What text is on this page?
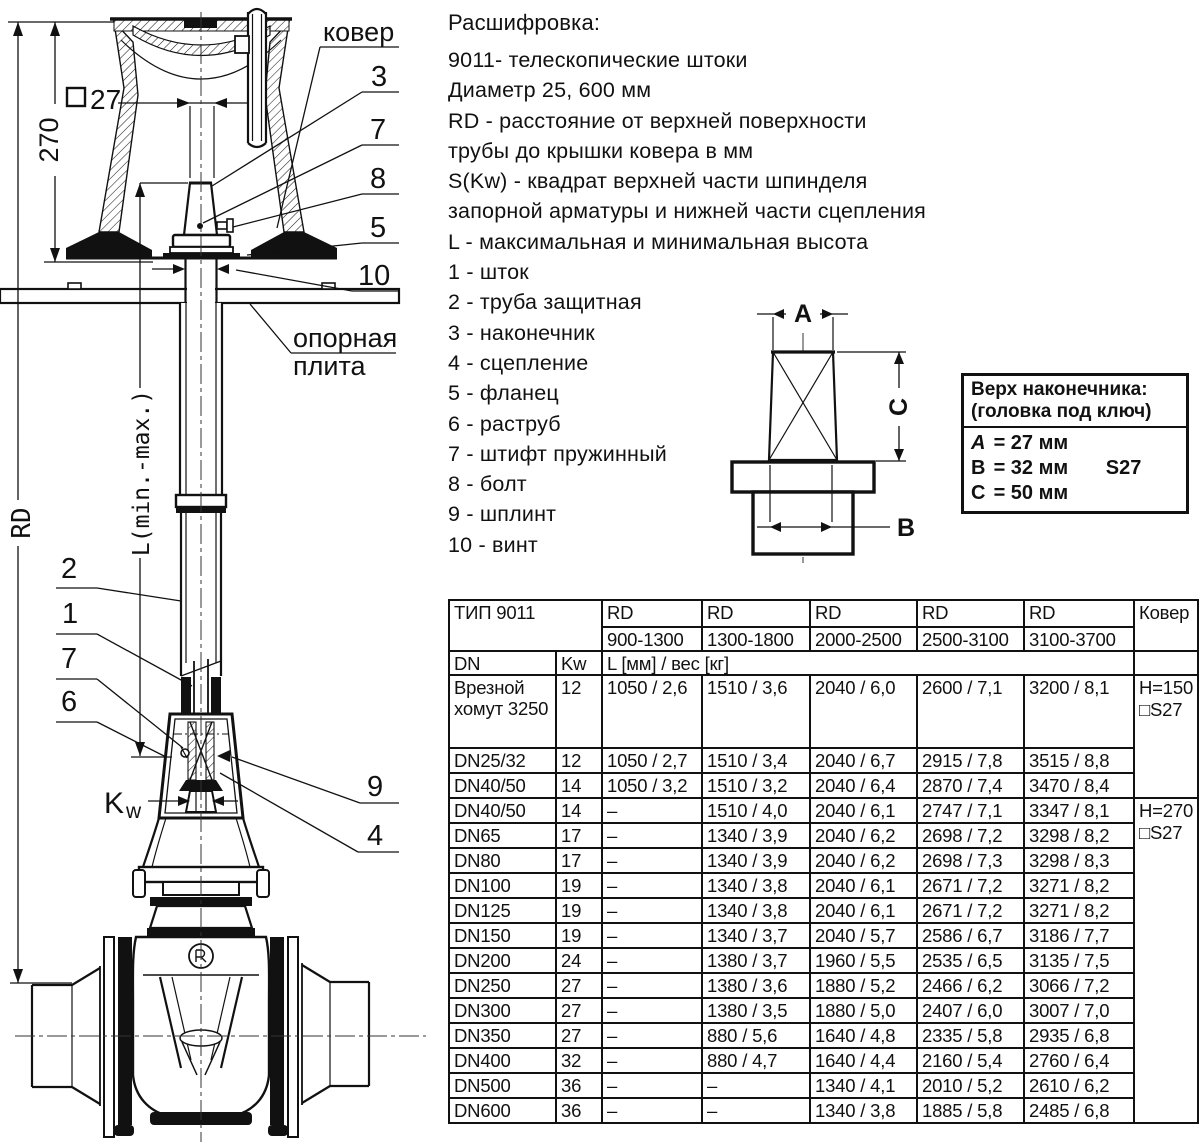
RD
270
27
L(min.-max.)
ковер
3
7
8
5
10
опорная
плита
2
1
7
6
9
4
K w
A
B
C
Расшифровка:
9011- телескопические штоки
Диаметр 25, 600 мм
RD - расстояние от верхней поверхности
трубы до крышки ковера в мм
S(Kw) - квадрат верхней части шпинделя
запорной арматуры и нижней части сцепления
L - максимальная и минимальная высота
1 - шток
2 - труба защитная
3 - наконечник
4 - сцепление
5 - фланец
6 - раструб
7 - штифт пружинный
8 - болт
9 - шплинт
10 - винт
Верх наконечника:
(головка под ключ)
A = 27 мм
B = 32 мм S27
C = 50 мм
ТИП 9011		RD	RD	RD	RD	RD	Ковер
		900-1300	1300-1800	2000-2500	2500-3100	3100-3700	
DN	Kw	L [мм] / вес [кг]					
Врезной хомут 3250	12	1050 / 2,6	1510 / 3,6	2040 / 6,0	2600 / 7,1	3200 / 8,1	H=150
□S27

DN25/32	12	1050 / 2,7	1510 / 3,4	2040 / 6,7	2915 / 7,8	3515 / 8,8	
DN40/50	14	1050 / 3,2	1510 / 3,2	2040 / 6,4	2870 / 7,4	3470 / 8,4	
DN40/50	14	–	1510 / 4,0	2040 / 6,1	2747 / 7,1	3347 / 8,1	H=270
□S27

DN65	17	–	1340 / 3,9	2040 / 6,2	2698 / 7,2	3298 / 8,2	
DN80	17	–	1340 / 3,9	2040 / 6,2	2698 / 7,3	3298 / 8,3	
DN100	19	–	1340 / 3,8	2040 / 6,1	2671 / 7,2	3271 / 8,2	
DN125	19	–	1340 / 3,8	2040 / 6,1	2671 / 7,2	3271 / 8,2	
DN150	19	–	1340 / 3,7	2040 / 5,7	2586 / 6,7	3186 / 7,7	
DN200	24	–	1380 / 3,7	1960 / 5,5	2535 / 6,5	3135 / 7,5	
DN250	27	–	1380 / 3,6	1880 / 5,2	2466 / 6,2	3066 / 7,2	
DN300	27	–	1380 / 3,5	1880 / 5,0	2407 / 6,0	3007 / 7,0	
DN350	27	–	880 / 5,6	1640 / 4,8	2335 / 5,8	2935 / 6,8	
DN400	32	–	880 / 4,7	1640 / 4,4	2160 / 5,4	2760 / 6,4	
DN500	36	–	–	1340 / 4,1	2010 / 5,2	2610 / 6,2	
DN600	36	–	–	1340 / 3,8	1885 / 5,8	2485 / 6,8	
